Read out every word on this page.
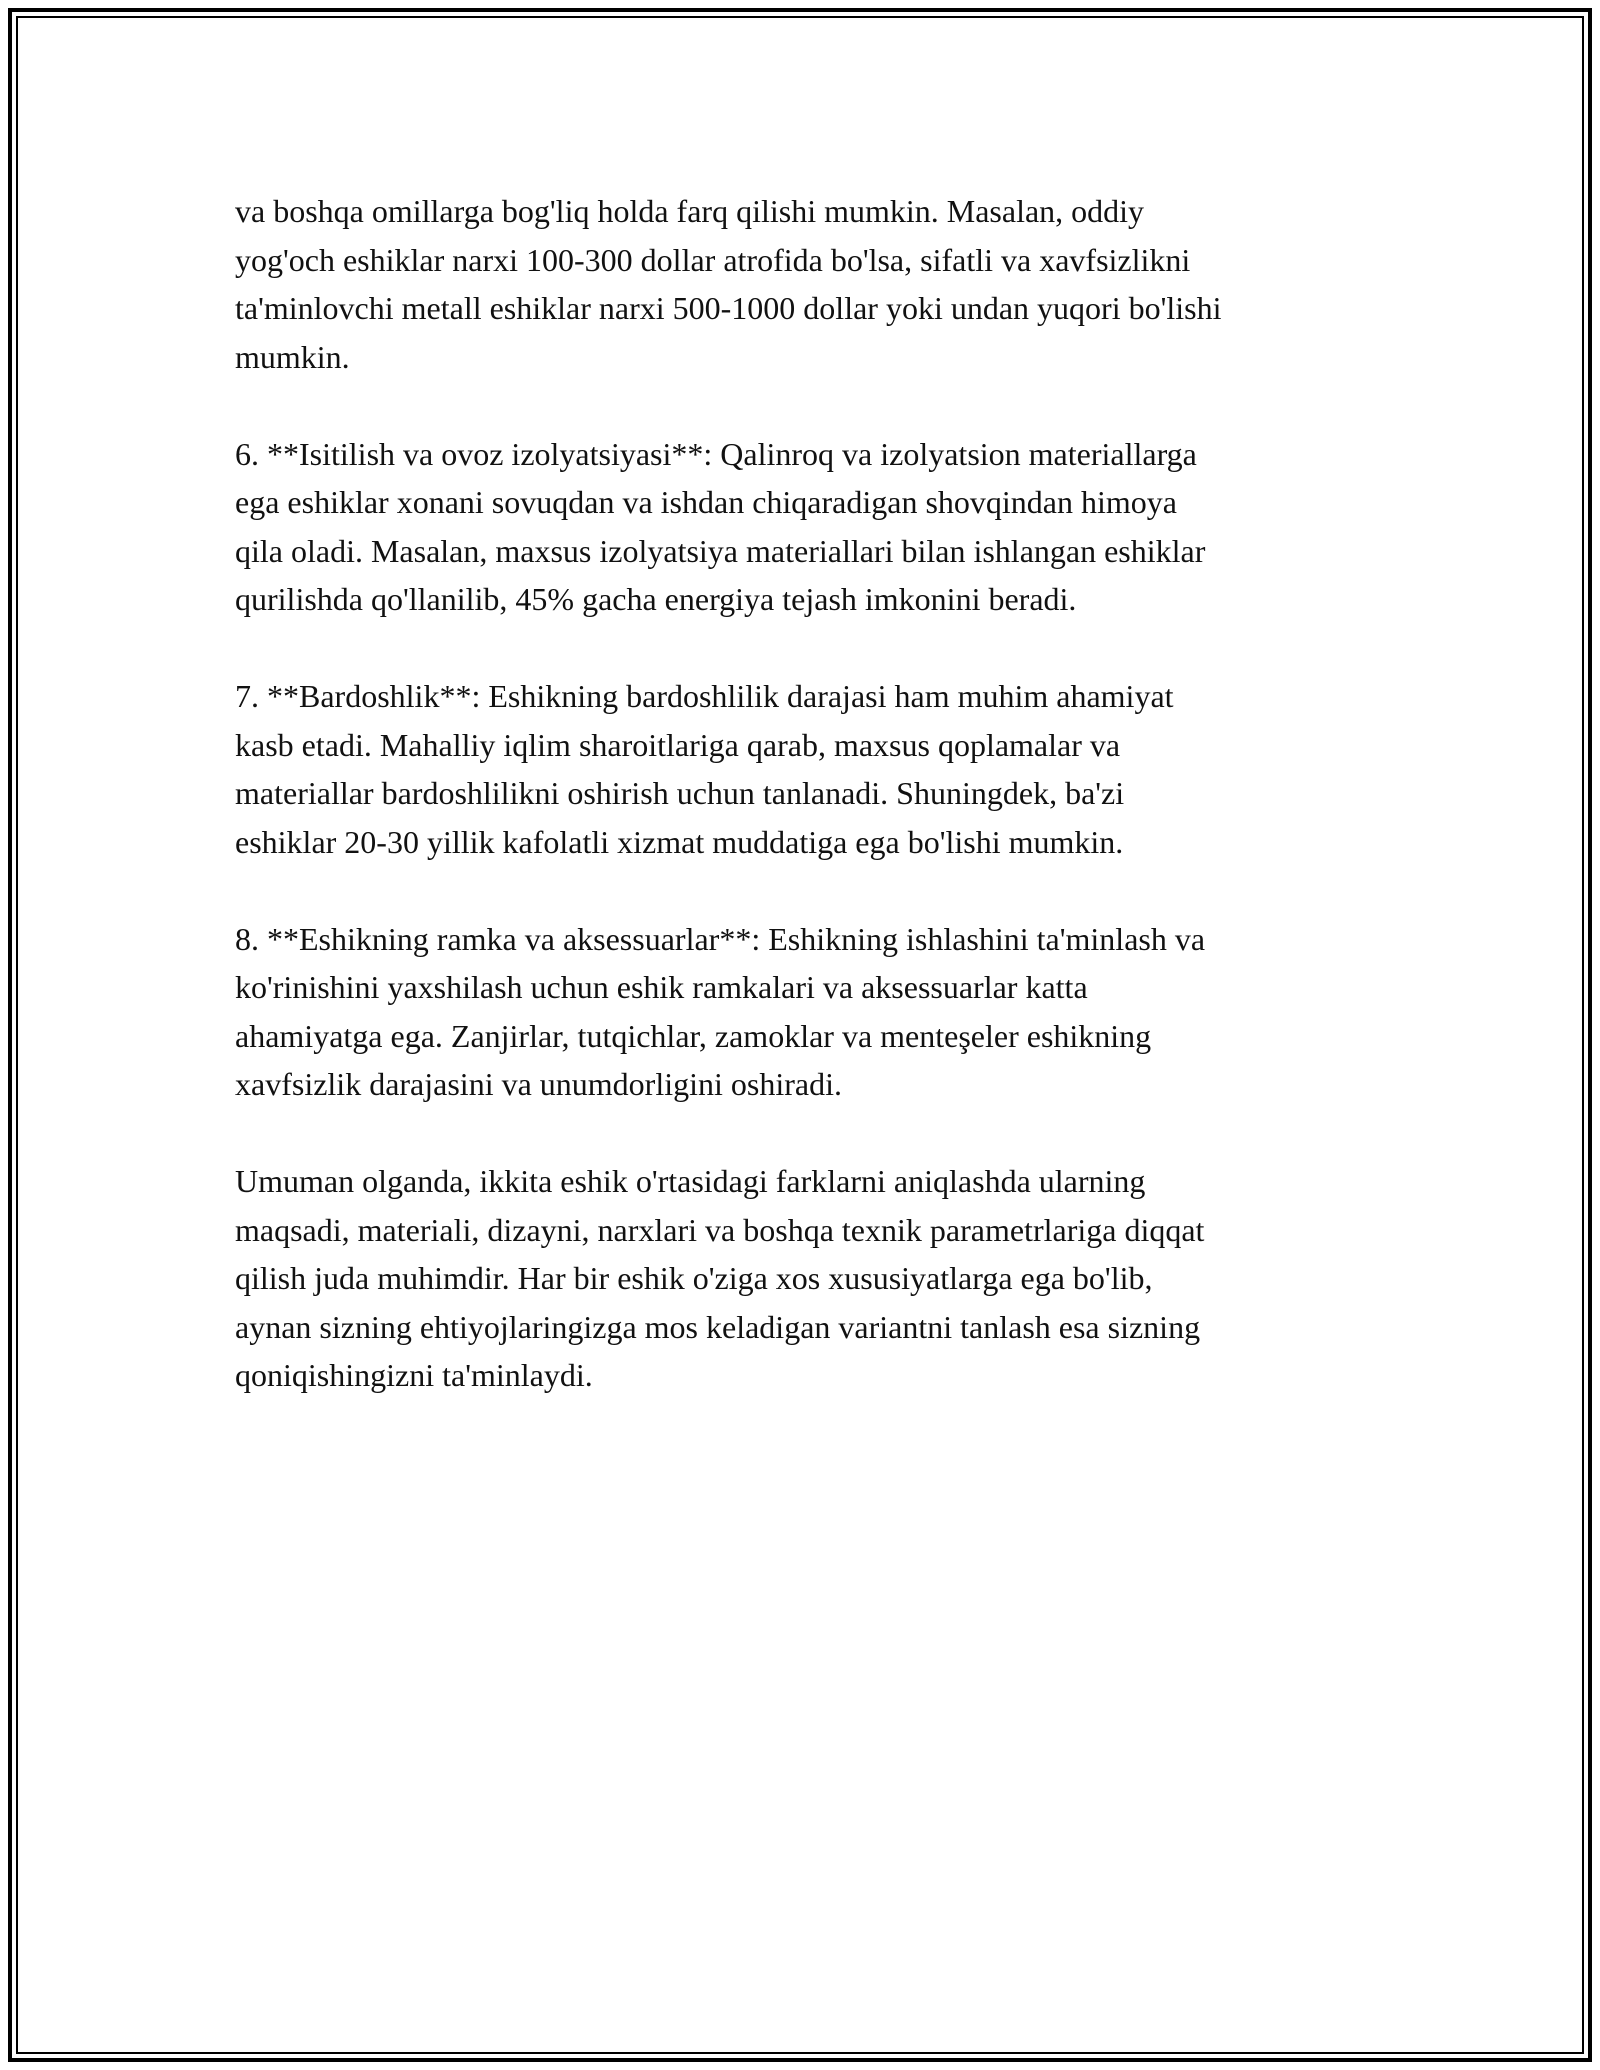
va boshqa omillarga bog'liq holda farq qilishi mumkin. Masalan, oddiy
yog'och eshiklar narxi 100-300 dollar atrofida bo'lsa, sifatli va xavfsizlikni
ta'minlovchi metall eshiklar narxi 500-1000 dollar yoki undan yuqori bo'lishi
mumkin.

6. **Isitilish va ovoz izolyatsiyasi**: Qalinroq va izolyatsion materiallarga
ega eshiklar xonani sovuqdan va ishdan chiqaradigan shovqindan himoya
qila oladi. Masalan, maxsus izolyatsiya materiallari bilan ishlangan eshiklar
qurilishda qo'llanilib, 45% gacha energiya tejash imkonini beradi.

7. **Bardoshlik**: Eshikning bardoshlilik darajasi ham muhim ahamiyat
kasb etadi. Mahalliy iqlim sharoitlariga qarab, maxsus qoplamalar va
materiallar bardoshlilikni oshirish uchun tanlanadi. Shuningdek, ba'zi
eshiklar 20-30 yillik kafolatli xizmat muddatiga ega bo'lishi mumkin.

8. **Eshikning ramka va aksessuarlar**: Eshikning ishlashini ta'minlash va
ko'rinishini yaxshilash uchun eshik ramkalari va aksessuarlar katta
ahamiyatga ega. Zanjirlar, tutqichlar, zamoklar va menteşeler eshikning
xavfsizlik darajasini va unumdorligini oshiradi.

Umuman olganda, ikkita eshik o'rtasidagi farklarni aniqlashda ularning
maqsadi, materiali, dizayni, narxlari va boshqa texnik parametrlariga diqqat
qilish juda muhimdir. Har bir eshik o'ziga xos xususiyatlarga ega bo'lib,
aynan sizning ehtiyojlaringizga mos keladigan variantni tanlash esa sizning
qoniqishingizni ta'minlaydi.
